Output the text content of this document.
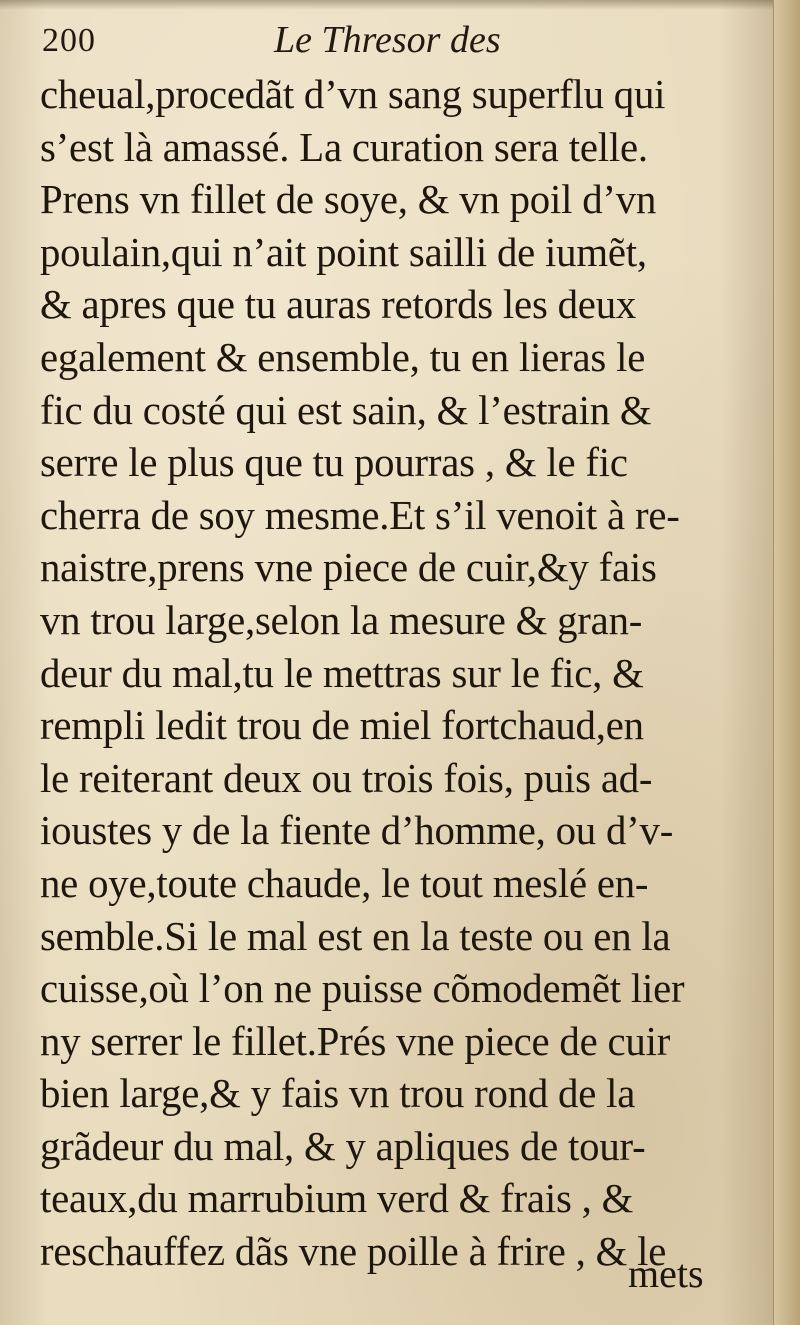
200	Le Thresor des
cheual,procedãt d’vn sang superflu qui
s’est là amassé. La curation sera telle.
Prens vn fillet de soye, & vn poil d’vn
poulain,qui n’ait point sailli de iumẽt,
& apres que tu auras retords les deux
egalement & ensemble, tu en lieras le
fic du costé qui est sain, & l’estrain &
serre le plus que tu pourras , & le fic
cherra de soy mesme.Et s’il venoit à re-
naistre,prens vne piece de cuir,&y fais
vn trou large,selon la mesure & gran-
deur du mal,tu le mettras sur le fic, &
rempli ledit trou de miel fortchaud,en
le reiterant deux ou trois fois, puis ad-
ioustes y de la fiente d’homme, ou d’v-
ne oye,toute chaude, le tout meslé en-
semble.Si le mal est en la teste ou en la
cuisse,où l’on ne puisse cõmodemẽt lier
ny serrer le fillet.Prés vne piece de cuir
bien large,& y fais vn trou rond de la
grãdeur du mal, & y apliques de tour-
teaux,du marrubium verd & frais , &
reschauffez dãs vne poille à frire , & le
mets
